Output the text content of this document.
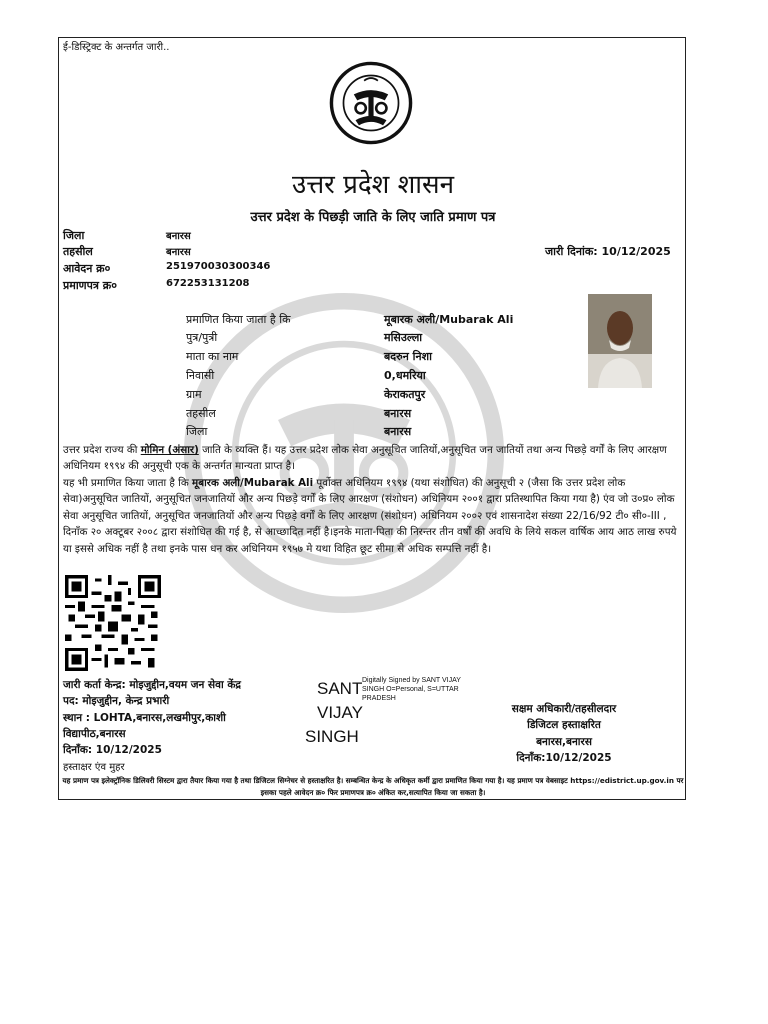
ई-डिस्ट्रिक्ट के अन्तर्गत जारी..
उत्तर प्रदेश शासन
उत्तर प्रदेश के पिछड़ी जाति के लिए जाति प्रमाण पत्र
जिला	बनारस
तहसील	बनारस
आवेदन क्र०	251970030300346
प्रमाणपत्र क्र०	672253131208
जारी दिनांक: 10/12/2025
प्रमाणित किया जाता है कि	मूबारक अली/Mubarak Ali
पुत्र/पुत्री	मसिउल्ला
माता का नाम	बदरुन निशा
निवासी	0,धमरिया
ग्राम	केराकतपुर
तहसील	बनारस
जिला	बनारस
उत्तर प्रदेश राज्य की मोमिन (अंसार) जाति के व्यक्ति हैं। यह उत्तर प्रदेश लोक सेवा अनुसूचित जातियों,अनुसूचित जन जातियों तथा अन्य पिछड़े वर्गों के लिए आरक्षण अधिनियम १९९४ की अनुसूची एक के अन्तर्गत मान्यता प्राप्त है।
यह भी प्रमाणित किया जाता है कि मूबारक अली/Mubarak Ali पूर्वोक्त अधिनियम १९९४ (यथा संशोधित) की अनुसूची २ (जैसा कि उत्तर प्रदेश लोक सेवा)अनुसूचित जातियों, अनुसूचित जनजातियों और अन्य पिछड़े वर्गों के लिए आरक्षण (संशोधन) अधिनियम २००१ द्वारा प्रतिस्थापित किया गया है) एंव जो उ०प्र० लोक सेवा अनुसूचित जातियों, अनुसूचित जनजातियों और अन्य पिछड़े वर्गों के लिए आरक्षण (संशोधन) अधिनियम २००२ एवं शासनादेश संख्या 22/16/92 टी० सी०-III , दिनाँक २० अक्टूबर २००८ द्वारा संशोधित की गई है, से आच्छादित नहीं है।इनके माता-पिता की निरन्तर तीन वर्षों की अवधि के लिये सकल वार्षिक आय आठ लाख रुपये या इससे अधिक नहीं है तथा इनके पास धन कर अधिनियम १९५७ मे यथा विहित छूट सीमा से अधिक सम्पत्ति नहीं है।
जारी कर्ता केन्द्र: मोइजुद्दीन,वयम जन सेवा केंद्र
पद: मोइजुद्दीन, केन्द्र प्रभारी
स्थान : LOHTA,बनारस,लखमीपुर,काशी
विद्यापीठ,बनारस
दिनाँक: 10/12/2025
हस्ताक्षर एंव मुहर
SANT
VIJAY
SINGH
Digitally Signed by SANT VIJAY SINGH O=Personal, S=UTTAR PRADESH
सक्षम अधिकारी/तहसीलदार
डिजिटल हस्ताक्षरित
बनारस,बनारस
दिनाँक:10/12/2025
यह प्रमाण पत्र इलेक्ट्रॉनिक डिलिवरी सिस्टम द्वारा तैयार किया गया है तथा डिजिटल सिग्नेचर से हस्ताक्षरित है। सम्बन्धित केन्द्र के अधिकृत कर्मी द्वारा प्रमाणित किया गया है। यह प्रमाण पत्र वेबसाइट https://edistrict.up.gov.in पर इसका पहले आवेदन क्र० फिर प्रमाणपत्र क्र० अंकित कर,सत्यापित किया जा सकता है।
